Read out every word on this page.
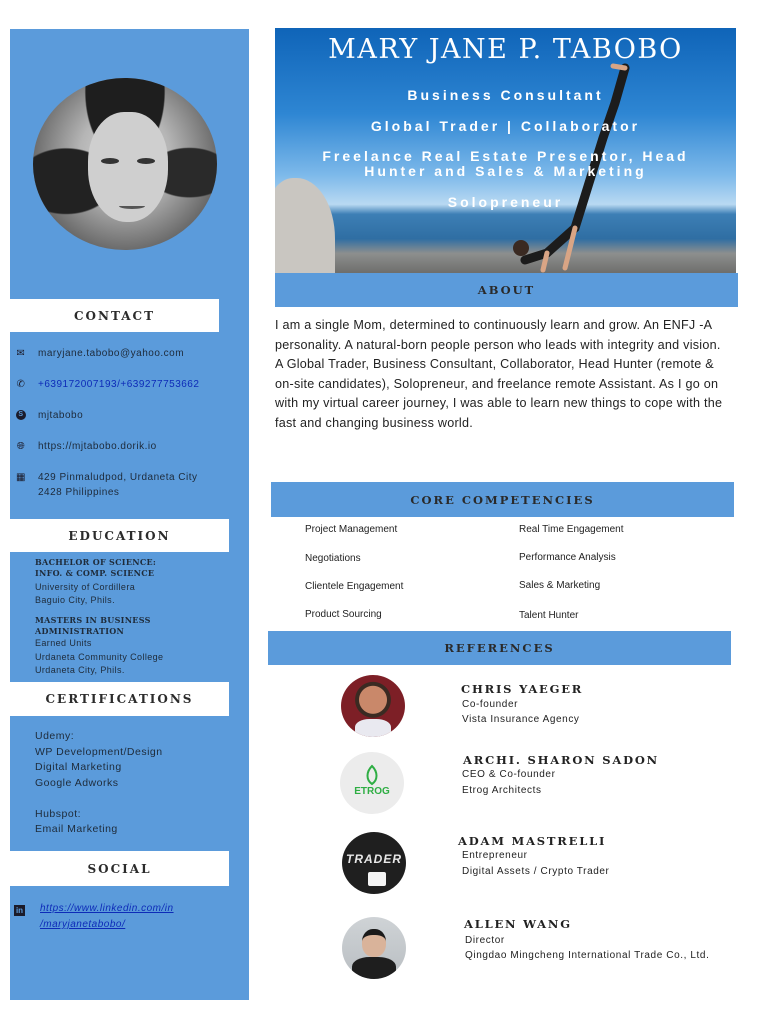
CONTACT
✉ maryjane.tabobo@yahoo.com
✆ +639172007193/+639277753662
S mjtabobo
🌐︎ https://mjtabobo.dorik.io
▦ 429 Pinmaludpod, Urdaneta City
2428 Philippines
EDUCATION
BACHELOR OF SCIENCE:
INFO. & COMP. SCIENCE
University of Cordillera
Baguio City, Phils.
MASTERS IN BUSINESS
ADMINISTRATION
Earned Units
Urdaneta Community College
Urdaneta City, Phils.
CERTIFICATIONS
Udemy:
WP Development/Design
Digital Marketing
Google Adworks
Hubspot:
Email Marketing
SOCIAL
in https://www.linkedin.com/in
/maryjanetabobo/
MARY JANE P. TABOBO
Business Consultant
Global Trader | Collaborator
Freelance Real Estate Presentor, Head
Hunter and Sales & Marketing
Solopreneur
ABOUT
I am a single Mom, determined to continuously learn and grow. An ENFJ -A personality. A natural-born people person who leads with integrity and vision. A Global Trader, Business Consultant, Collaborator, Head Hunter (remote & on-site candidates), Solopreneur, and freelance remote Assistant. As I go on with my virtual career journey, I was able to learn new things to cope with the fast and changing business world.
CORE COMPETENCIES
Project Management
Negotiations
Clientele Engagement
Product Sourcing
Real Time Engagement
Performance Analysis
Sales & Marketing
Talent Hunter
REFERENCES
CHRIS YAEGER
Co-founder
Vista Insurance Agency
ETROG
ARCHI. SHARON SADON
CEO & Co-founder
Etrog Architects
TRADER
ADAM MASTRELLI
Entrepreneur
Digital Assets / Crypto Trader
ALLEN WANG
Director
Qingdao Mingcheng International Trade Co., Ltd.
